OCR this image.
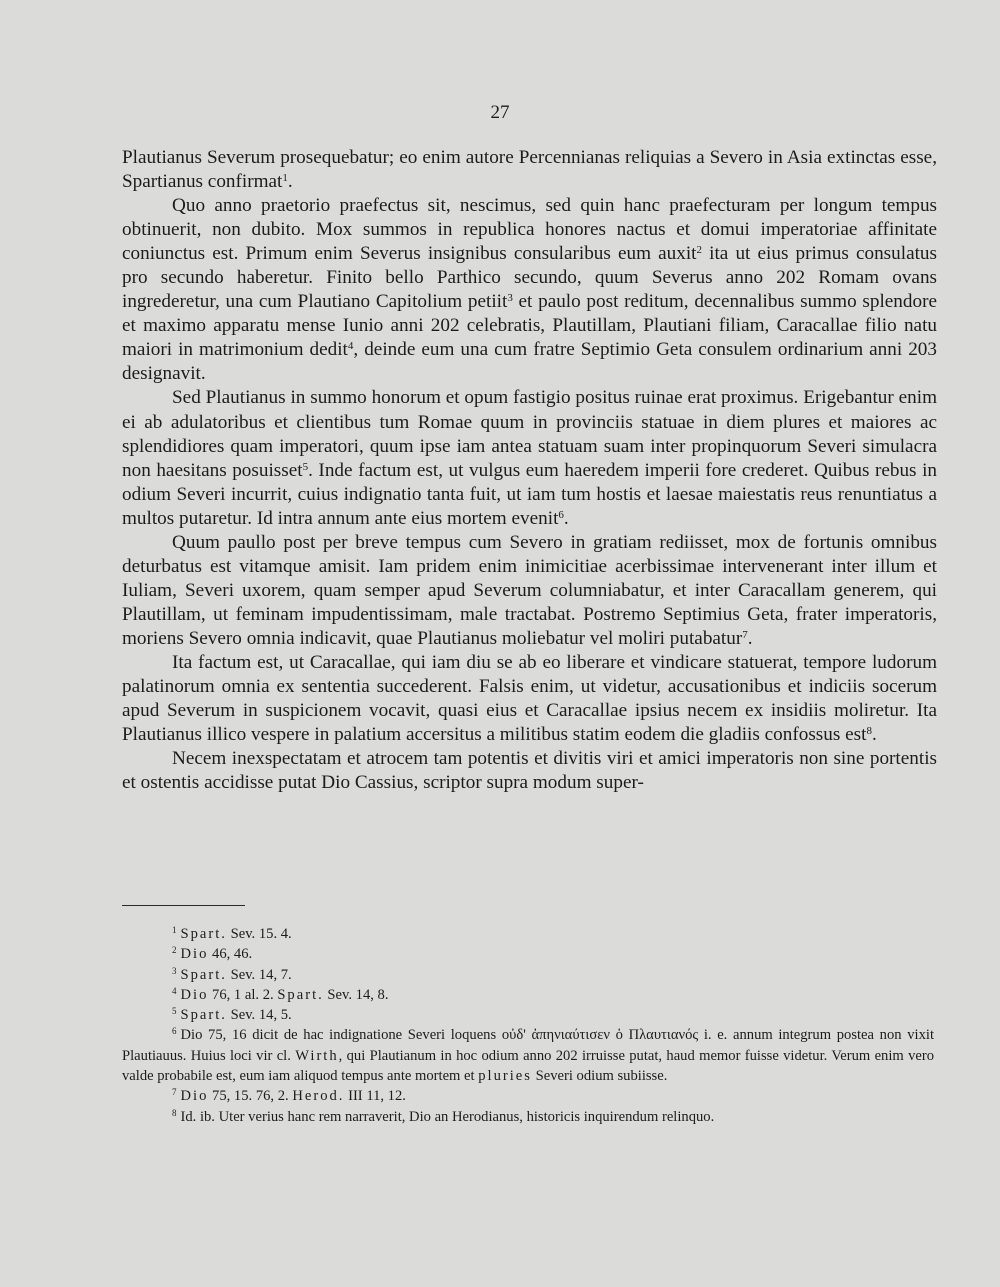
27

Plautianus Severum prosequebatur; eo enim autore Percennianas reliquias a Severo in Asia extinctas esse, Spartianus confirmat$^1$.

Quo anno praetorio praefectus sit, nescimus, sed quin hanc praefecturam per longum tempus obtinuerit, non dubito. Mox summos in republica honores nactus et domui imperatoriae affinitate coniunctus est. Primum enim Severus insignibus consularibus eum auxit$^2$ ita ut eius primus consulatus pro secundo haberetur. Finito bello Parthico secundo, quum Severus anno 202 Romam ovans ingrederetur, una cum Plautiano Capitolium petiit$^3$ et paulo post reditum, decennalibus summo splendore et maximo apparatu mense Iunio anni 202 celebratis, Plautillam, Plautiani filiam, Caracallae filio natu maiori in matrimonium dedit$^4$, deinde eum una cum fratre Septimio Geta consulem ordinarium anni 203 designavit.

Sed Plautianus in summo honorum et opum fastigio positus ruinae erat proximus. Erigebantur enim ei ab adulatoribus et clientibus tum Romae quum in provinciis statuae in diem plures et maiores ac splendidiores quam imperatori, quum ipse iam antea statuam suam inter propinquorum Severi simulacra non haesitans posuisset$^5$. Inde factum est, ut vulgus eum haeredem imperii fore crederet. Quibus rebus in odium Severi incurrit, cuius indignatio tanta fuit, ut iam tum hostis et laesae maiestatis reus renuntiatus a multos putaretur. Id intra annum ante eius mortem evenit$^6$.

Quum paullo post per breve tempus cum Severo in gratiam rediisset, mox de fortunis omnibus deturbatus est vitamque amisit. Iam pridem enim inimicitiae acerbissimae intervenerant inter illum et Iuliam, Severi uxorem, quam semper apud Severum columniabatur, et inter Caracallam generem, qui Plautillam, ut feminam impudentissimam, male tractabat. Postremo Septimius Geta, frater imperatoris, moriens Severo omnia indicavit, quae Plautianus moliebatur vel moliri putabatur$^7$.

Ita factum est, ut Caracallae, qui iam diu se ab eo liberare et vindicare statuerat, tempore ludorum palatinorum omnia ex sententia succederent. Falsis enim, ut videtur, accusationibus et indiciis socerum apud Severum in suspicionem vocavit, quasi eius et Caracallae ipsius necem ex insidiis moliretur. Ita Plautianus illico vespere in palatium accersitus a militibus statim eodem die gladiis confossus est$^8$.

Necem inexspectatam et atrocem tam potentis et divitis viri et amici imperatoris non sine portentis et ostentis accidisse putat Dio Cassius, scriptor supra modum super-

$^1$ Spart. Sev. 15. 4.
$^2$ Dio 46, 46.
$^3$ Spart. Sev. 14, 7.
$^4$ Dio 76, 1 al. 2. Spart. Sev. 14, 8.
$^5$ Spart. Sev. 14, 5.
$^6$ Dio 75, 16 dicit de hac indignatione Severi loquens οὐδ' ἀπηνιαύτισεν ὁ Πλαυτιανός i. e. annum integrum postea non vixit Plautiauus. Huius loci vir cl. Wirth, qui Plautianum in hoc odium anno 202 irruisse putat, haud memor fuisse videtur. Verum enim vero valde probabile est, eum iam aliquod tempus ante mortem et pluries Severi odium subiisse.
$^7$ Dio 75, 15. 76, 2. Herod. III 11, 12.
$^8$ Id. ib. Uter verius hanc rem narraverit, Dio an Herodianus, historicis inquirendum relinquo.
